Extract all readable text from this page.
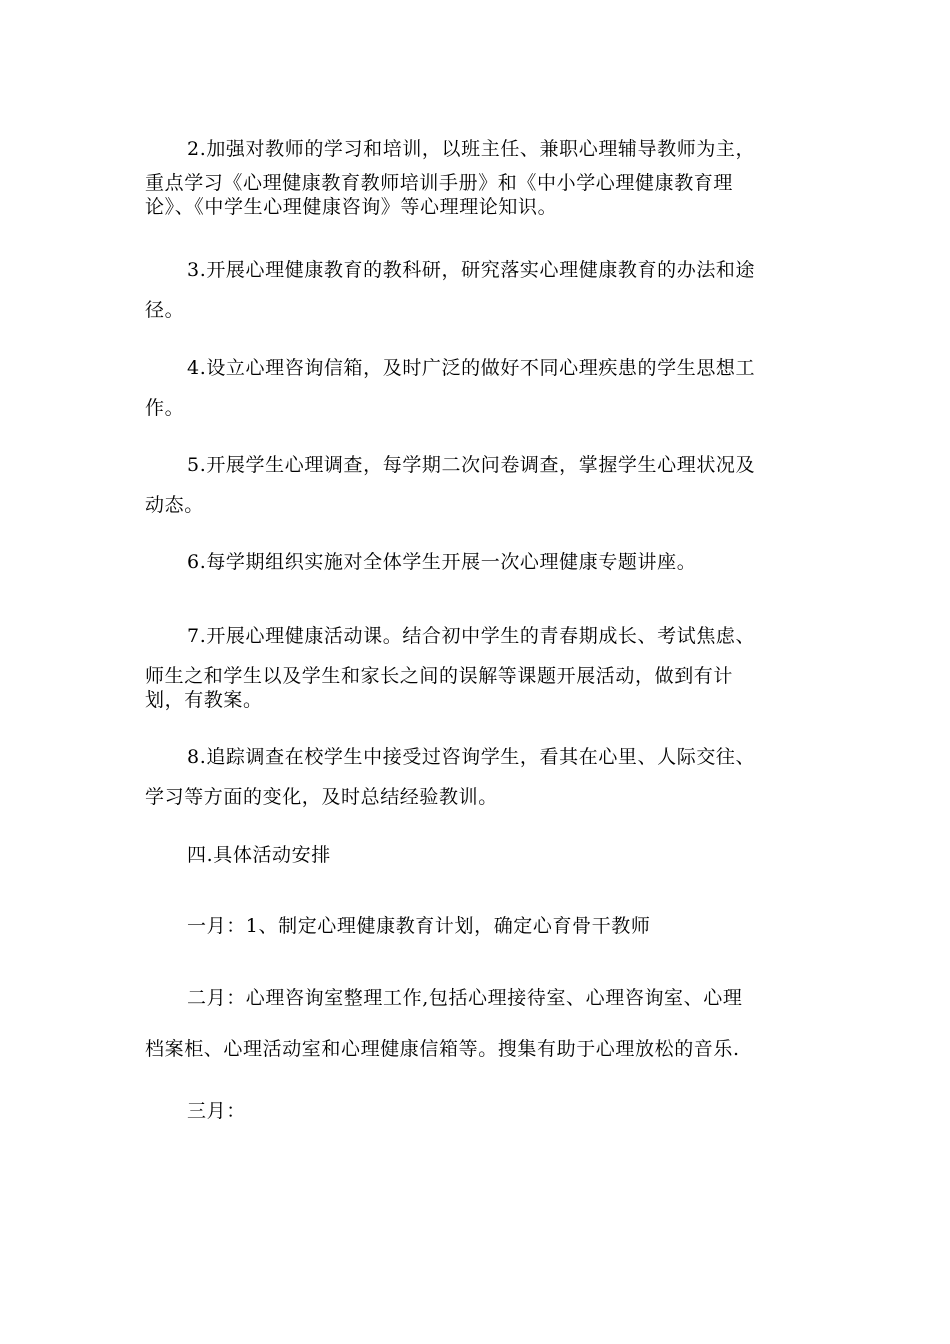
2.加强对教师的学习和培训，以班主任、兼职心理辅导教师为主，
重点学习《心理健康教育教师培训手册》和《中小学心理健康教育理
论》、《中学生心理健康咨询》等心理理论知识。

3.开展心理健康教育的教科研，研究落实心理健康教育的办法和途
径。

4.设立心理咨询信箱，及时广泛的做好不同心理疾患的学生思想工
作。

5.开展学生心理调查，每学期二次问卷调查，掌握学生心理状况及
动态。

6.每学期组织实施对全体学生开展一次心理健康专题讲座。

7.开展心理健康活动课。结合初中学生的青春期成长、考试焦虑、
师生之和学生以及学生和家长之间的误解等课题开展活动，做到有计
划，有教案。

8.追踪调查在校学生中接受过咨询学生，看其在心里、人际交往、
学习等方面的变化，及时总结经验教训。

四.具体活动安排

一月：1、制定心理健康教育计划，确定心育骨干教师

二月：心理咨询室整理工作,包括心理接待室、心理咨询室、心理
档案柜、心理活动室和心理健康信箱等。搜集有助于心理放松的音乐.

三月：
